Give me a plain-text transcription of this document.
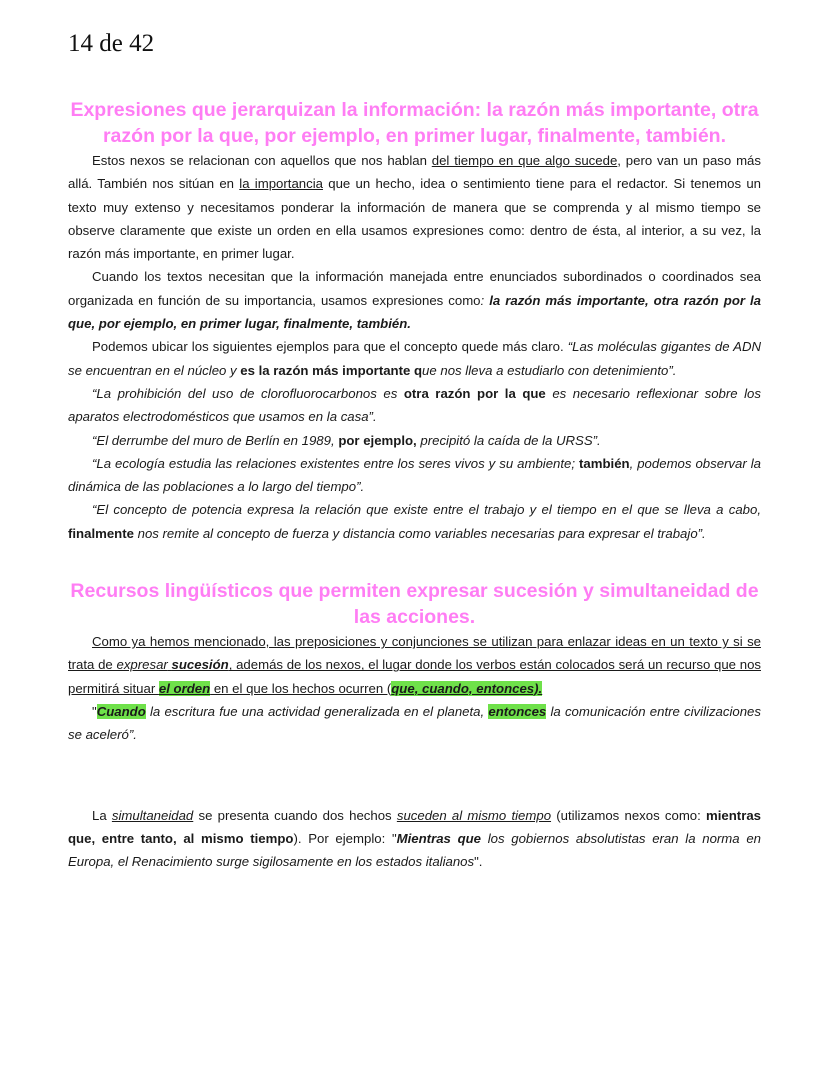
14 de 42
Expresiones que jerarquizan la información: la razón más importante, otra razón por la que, por ejemplo, en primer lugar, finalmente, también.

Estos nexos se relacionan con aquellos que nos hablan del tiempo en que algo sucede, pero van un paso más allá. También nos sitúan en la importancia que un hecho, idea o sentimiento tiene para el redactor. Si tenemos un texto muy extenso y necesitamos ponderar la información de manera que se comprenda y al mismo tiempo se observe claramente que existe un orden en ella usamos expresiones como: dentro de ésta, al interior, a su vez, la razón más importante, en primer lugar.

Cuando los textos necesitan que la información manejada entre enunciados subordinados o coordinados sea organizada en función de su importancia, usamos expresiones como: la razón más importante, otra razón por la que, por ejemplo, en primer lugar, finalmente, también.

Podemos ubicar los siguientes ejemplos para que el concepto quede más claro. “Las moléculas gigantes de ADN se encuentran en el núcleo y es la razón más importante que nos lleva a estudiarlo con detenimiento”.

“La prohibición del uso de clorofluorocarbonos es otra razón por la que es necesario reflexionar sobre los aparatos electrodomésticos que usamos en la casa”.

“El derrumbe del muro de Berlín en 1989, por ejemplo, precipitó la caída de la URSS”.

“La ecología estudia las relaciones existentes entre los seres vivos y su ambiente; también, podemos observar la dinámica de las poblaciones a lo largo del tiempo”.

“El concepto de potencia expresa la relación que existe entre el trabajo y el tiempo en el que se lleva a cabo, finalmente nos remite al concepto de fuerza y distancia como variables necesarias para expresar el trabajo”.

Recursos lingüísticos que permiten expresar sucesión y simultaneidad de las acciones.

Como ya hemos mencionado, las preposiciones y conjunciones se utilizan para enlazar ideas en un texto y si se trata de expresar sucesión, además de los nexos, el lugar donde los verbos están colocados será un recurso que nos permitirá situar el orden en el que los hechos ocurren (que, cuando, entonces).

"Cuando la escritura fue una actividad generalizada en el planeta, entonces la comunicación entre civilizaciones se aceleró”.

La simultaneidad se presenta cuando dos hechos suceden al mismo tiempo (utilizamos nexos como: mientras que, entre tanto, al mismo tiempo). Por ejemplo: "Mientras que los gobiernos absolutistas eran la norma en Europa, el Renacimiento surge sigilosamente en los estados italianos".
